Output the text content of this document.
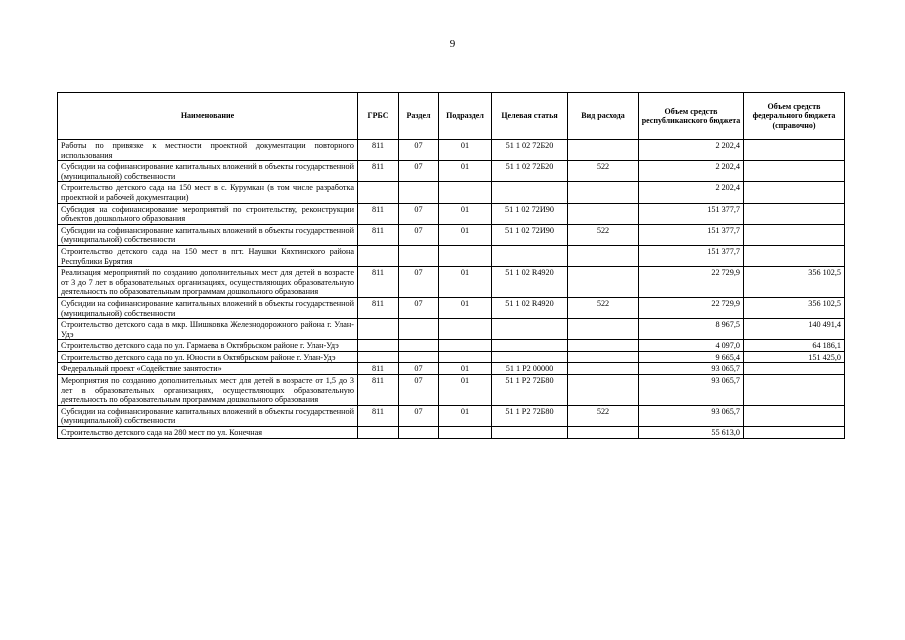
9
Наименование	ГРБС	Раздел	Подраздел	Целевая статья	Вид расхода	Объем средств республиканского бюджета	Объем средств федерального бюджета (справочно)
Работы по привязке к местности проектной документации повторного использования	811	07	01	51 1 02 72Б20		2 202,4	
Субсидии на софинансирование капитальных вложений в объекты государственной (муниципальной) собственности	811	07	01	51 1 02 72Б20	522	2 202,4	
Строительство детского сада на 150 мест в с. Курумкан (в том числе разработка проектной и рабочей документации)						2 202,4	
Субсидия на софинансирование мероприятий по строительству, реконструкции объектов дошкольного образования	811	07	01	51 1 02 72И90		151 377,7	
Субсидии на софинансирование капитальных вложений в объекты государственной (муниципальной) собственности	811	07	01	51 1 02 72И90	522	151 377,7	
Строительство детского сада на 150 мест в пгт. Наушки Кяхтинского района Республики Бурятия						151 377,7	
Реализация мероприятий по созданию дополнительных мест для детей в возрасте от 3 до 7 лет в образовательных организациях, осуществляющих образовательную деятельность по образовательным программам дошкольного образования	811	07	01	51 1 02 R4920		22 729,9	356 102,5
Субсидии на софинансирование капитальных вложений в объекты государственной (муниципальной) собственности	811	07	01	51 1 02 R4920	522	22 729,9	356 102,5
Строительство детского сада в мкр. Шишковка Железнодорожного района г. Улан-Удэ						8 967,5	140 491,4
Строительство детского сада по ул. Гармаева в Октябрьском районе г. Улан-Удэ						4 097,0	64 186,1
Строительство детского сада по ул. Юности в Октябрьском районе г. Улан-Удэ						9 665,4	151 425,0
Федеральный проект «Содействие занятости»	811	07	01	51 1 P2 00000		93 065,7	
Мероприятия по созданию дополнительных мест для детей в возрасте от 1,5 до 3 лет в образовательных организациях, осуществляющих образовательную деятельность по образовательным программам дошкольного образования	811	07	01	51 1 P2 72Б80		93 065,7	
Субсидии на софинансирование капитальных вложений в объекты государственной (муниципальной) собственности	811	07	01	51 1 P2 72Б80	522	93 065,7	
Строительство детского сада на 280 мест по ул. Конечная						55 613,0	
